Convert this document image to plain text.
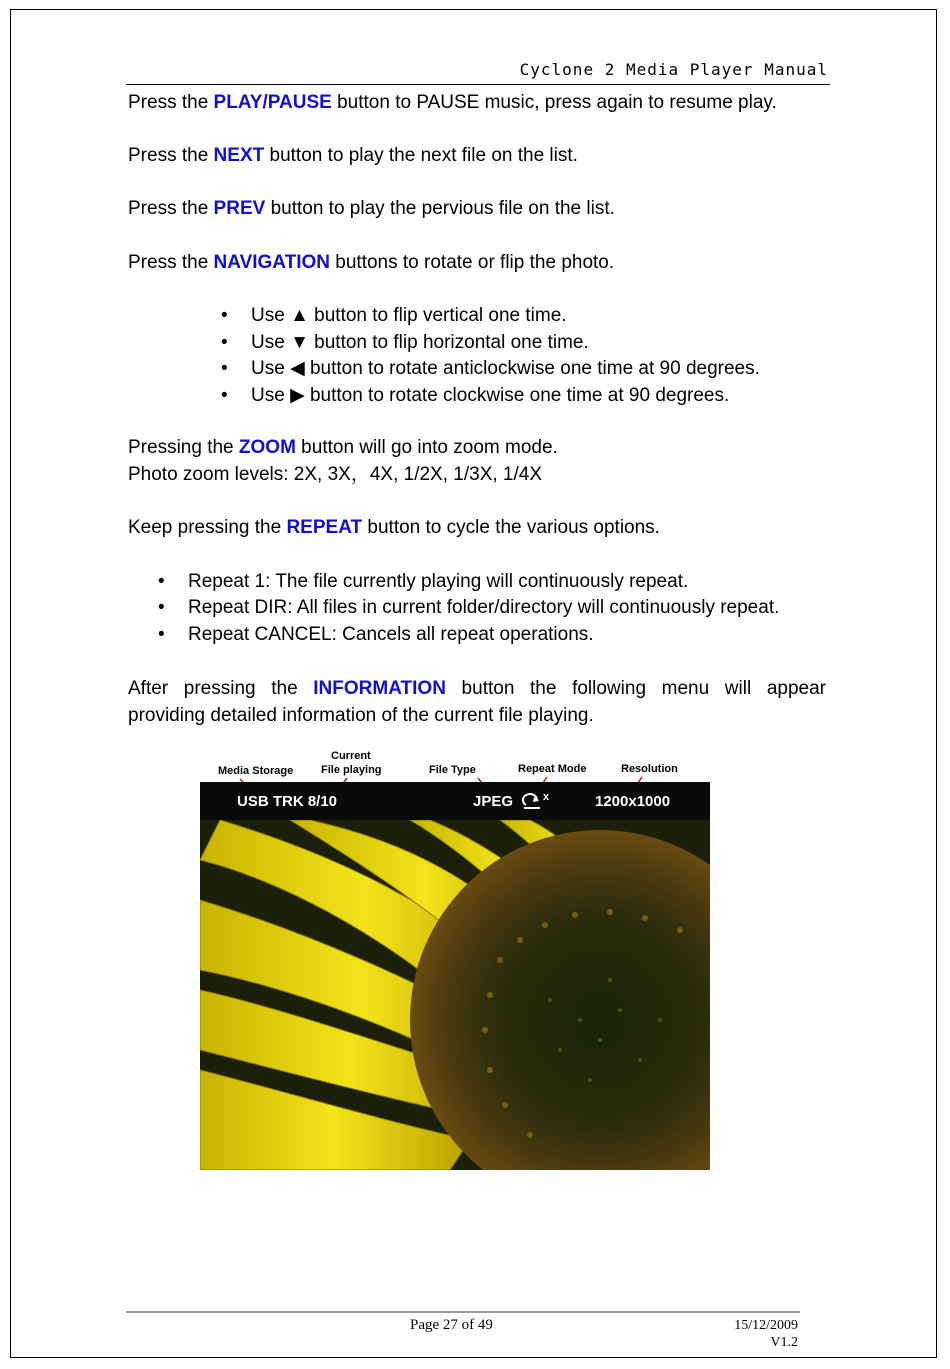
Cyclone 2 Media Player Manual
Press the PLAY/PAUSE button to PAUSE music, press again to resume play.
Press the NEXT button to play the next file on the list.
Press the PREV button to play the pervious file on the list.
Press the NAVIGATION buttons to rotate or flip the photo.
• Use ▲ button to flip vertical one time.
• Use ▼ button to flip horizontal one time.
• Use ◀ button to rotate anticlockwise one time at 90 degrees.
• Use ▶ button to rotate clockwise one time at 90 degrees.
Pressing the ZOOM button will go into zoom mode.
Photo zoom levels: 2X, 3X，4X, 1/2X, 1/3X, 1/4X
Keep pressing the REPEAT button to cycle the various options.
• Repeat 1: The file currently playing will continuously repeat.
• Repeat DIR: All files in current folder/directory will continuously repeat.
• Repeat CANCEL: Cancels all repeat operations.
After pressing the INFORMATION button the following menu will appear
providing detailed information of the current file playing.
Media Storage
Current
File playing	File Type	Repeat Mode	Resolution
USB TRK 8/10	JPEG	x	1200x1000
Page 27 of 49	15/12/2009
V1.2
